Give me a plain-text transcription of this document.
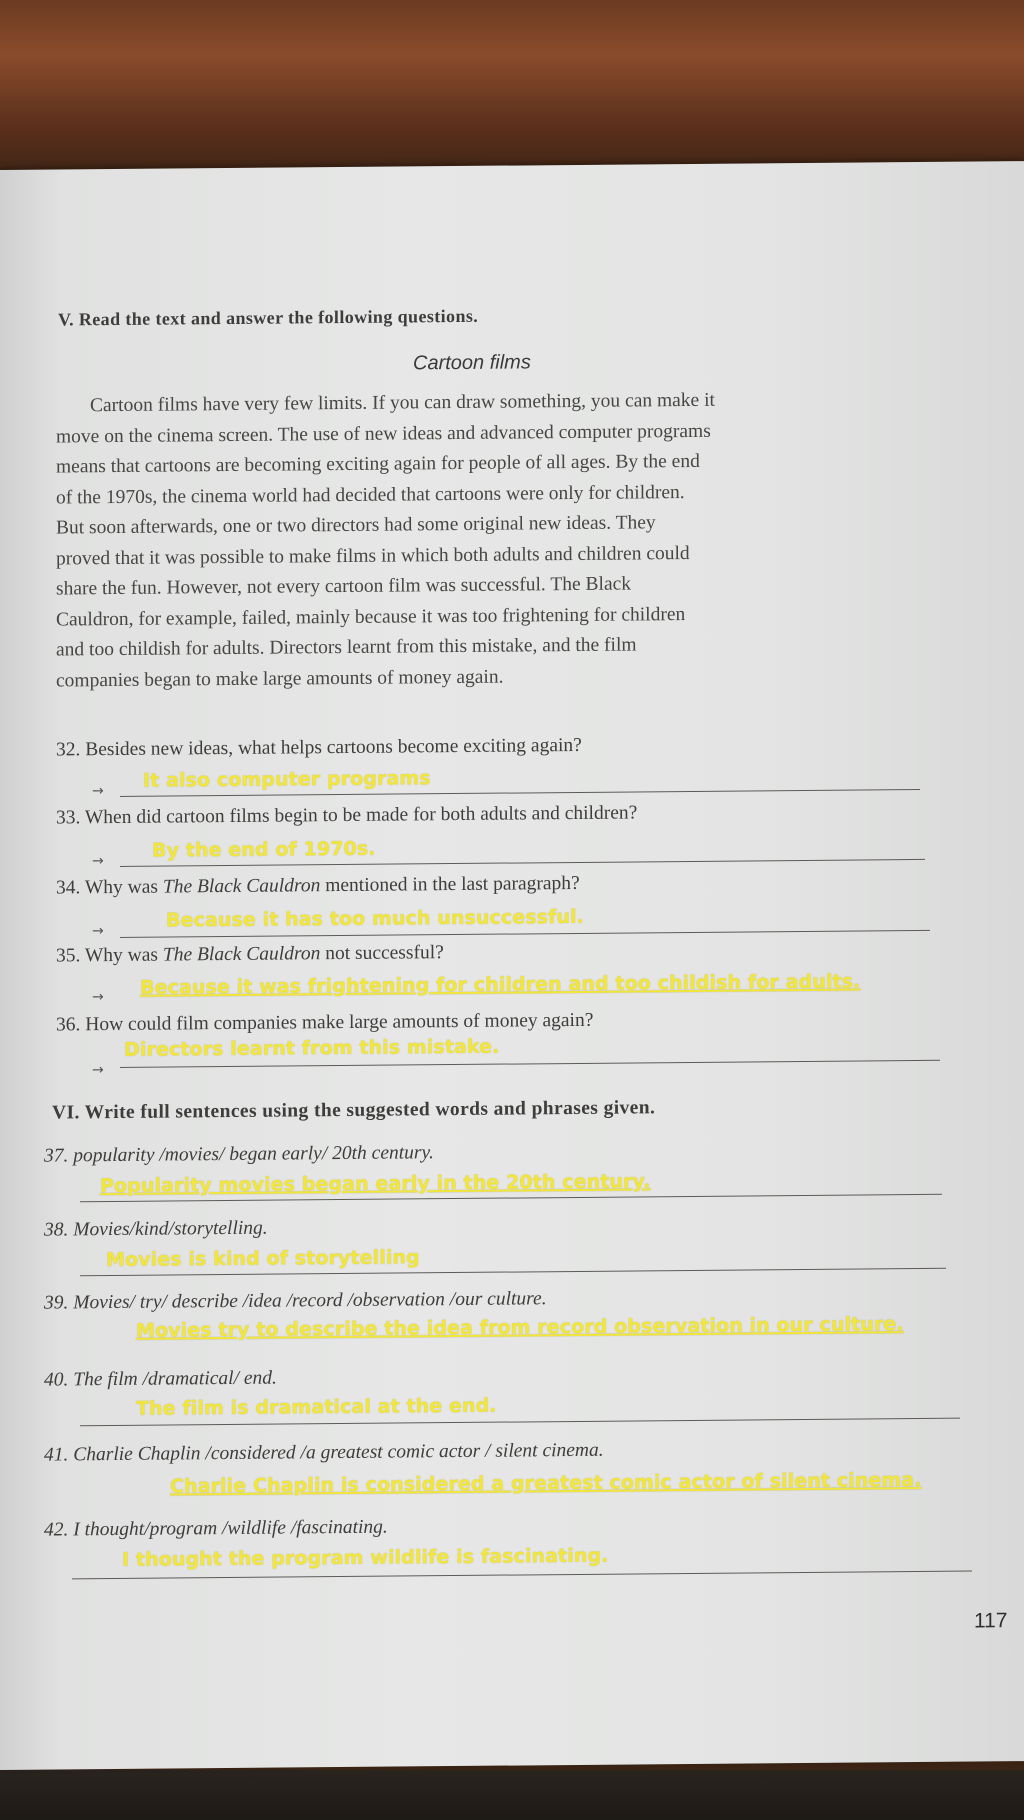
V. Read the text and answer the following questions.
Cartoon films

Cartoon films have very few limits. If you can draw something, you can make it

move on the cinema screen. The use of new ideas and advanced computer programs

means that cartoons are becoming exciting again for people of all ages. By the end

of the 1970s, the cinema world had decided that cartoons were only for children.

But soon afterwards, one or two directors had some original new ideas. They

proved that it was possible to make films in which both adults and children could

share the fun. However, not every cartoon film was successful. The Black

Cauldron, for example, failed, mainly because it was too frightening for children

and too childish for adults. Directors learnt from this mistake, and the film

companies began to make large amounts of money again.

32. Besides new ideas, what helps cartoons become exciting again?
→ It also computer programs
33. When did cartoon films begin to be made for both adults and children?
→	By the end of 1970s.
34. Why was The Black Cauldron mentioned in the last paragraph?
→	Because it has too much unsuccessful.
35. Why was The Black Cauldron not successful?
→ Because it was frightening for children and too childish for adults.
36. How could film companies make large amounts of money again?
→
Directors learnt from this mistake.
VI. Write full sentences using the suggested words and phrases given.
37. popularity /movies/ began early/ 20th century.
Popularity movies began early in the 20th century.
38. Movies/kind/storytelling.
Movies is kind of storytelling
39. Movies/ try/ describe /idea /record /observation /our culture.
Movies try to describe the idea from record observation in our culture.
40. The film /dramatical/ end.
The film is dramatical at the end.
41. Charlie Chaplin /considered /a greatest comic actor / silent cinema.
Charlie Chaplin is considered a greatest comic actor of silent cinema.
42. I thought/program /wildlife /fascinating.
I thought the program wildlife is fascinating.
117
